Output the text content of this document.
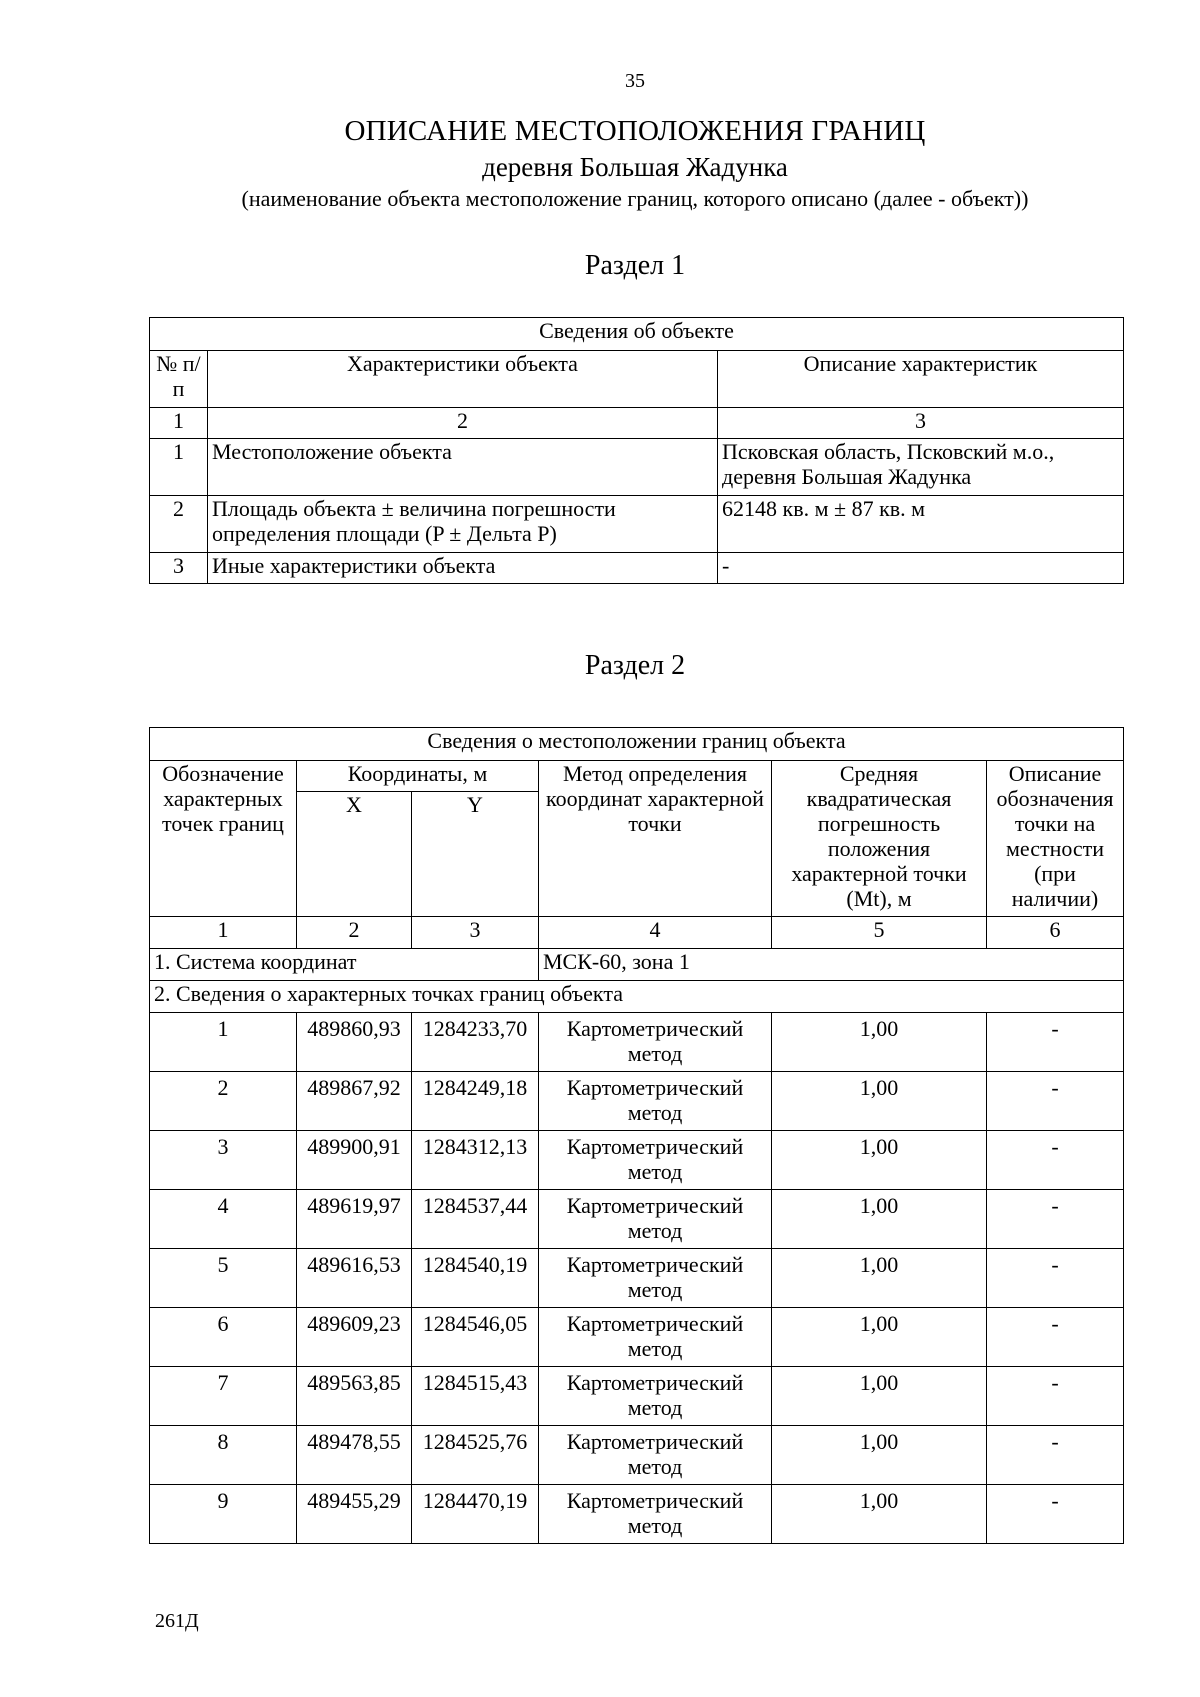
35
ОПИСАНИЕ МЕСТОПОЛОЖЕНИЯ ГРАНИЦ
деревня Большая Жадунка
(наименование объекта местоположение границ, которого описано (далее - объект))
Раздел 1
Сведения об объекте		
№ п/п	Характеристики объекта	Описание характеристик
1	2	3
1	Местоположение объекта	Псковская область, Псковский м.о., деревня Большая Жадунка
2	Площадь объекта ± величина погрешности определения площади (P ± Дельта P)	62148 кв. м ± 87 кв. м
3	Иные характеристики объекта	-
Раздел 2
Сведения о местоположении границ объекта					
Обозначение характерных точек границ	Координаты, м		Метод определения координат характерной точки	Средняя квадратическая погрешность положения характерной точки (Mt), м	Описание обозначения точки на местности (при наличии)
	X	Y			
1	2	3	4	5	6
1. Система координат			МСК-60, зона 1		
2. Сведения о характерных точках границ объекта					
1	489860,93	1284233,70	Картометрический метод	1,00	-
2	489867,92	1284249,18	Картометрический метод	1,00	-
3	489900,91	1284312,13	Картометрический метод	1,00	-
4	489619,97	1284537,44	Картометрический метод	1,00	-
5	489616,53	1284540,19	Картометрический метод	1,00	-
6	489609,23	1284546,05	Картометрический метод	1,00	-
7	489563,85	1284515,43	Картометрический метод	1,00	-
8	489478,55	1284525,76	Картометрический метод	1,00	-
9	489455,29	1284470,19	Картометрический метод	1,00	-
261Д
